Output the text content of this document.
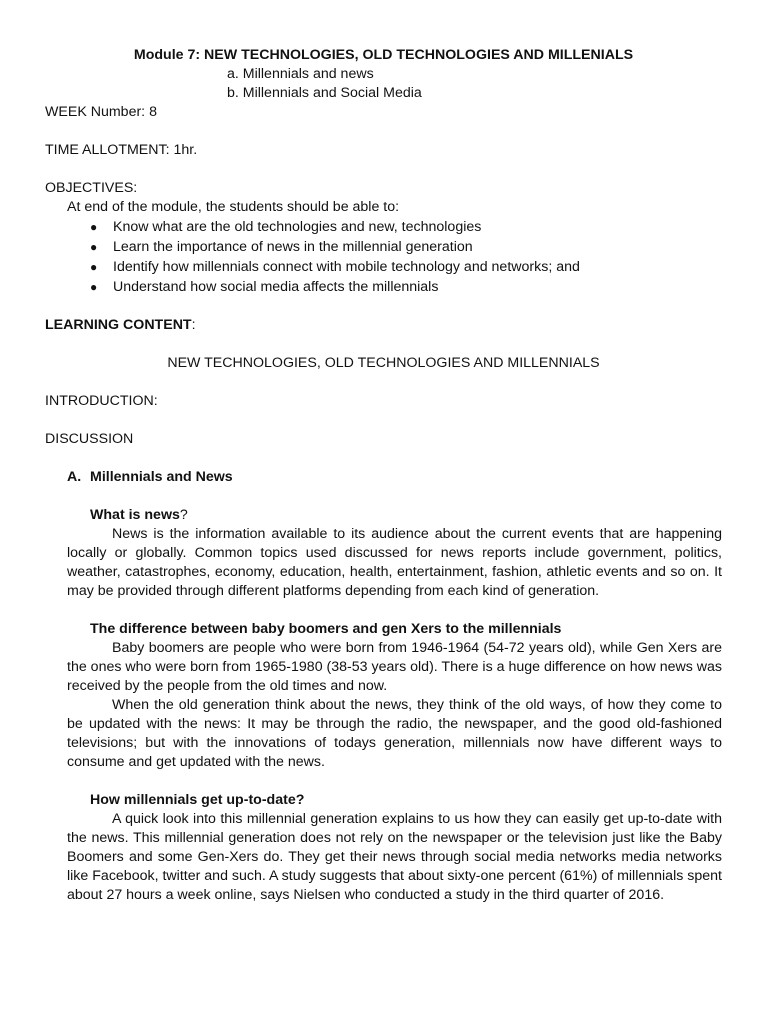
Module 7: NEW TECHNOLOGIES, OLD TECHNOLOGIES AND MILLENIALS
a. Millennials and news
b. Millennials and Social Media
WEEK Number: 8
TIME ALLOTMENT: 1hr.
OBJECTIVES:
At end of the module, the students should be able to:
● Know what are the old technologies and new, technologies
● Learn the importance of news in the millennial generation
● Identify how millennials connect with mobile technology and networks; and
● Understand how social media affects the millennials
LEARNING CONTENT:
NEW TECHNOLOGIES, OLD TECHNOLOGIES AND MILLENNIALS
INTRODUCTION:
DISCUSSION
A. Millennials and News
What is news?

News is the information available to its audience about the current events that are happening locally or globally. Common topics used discussed for news reports include government, politics, weather, catastrophes, economy, education, health, entertainment, fashion, athletic events and so on. It may be provided through different platforms depending from each kind of generation.

The difference between baby boomers and gen Xers to the millennials

Baby boomers are people who were born from 1946-1964 (54-72 years old), while Gen Xers are the ones who were born from 1965-1980 (38-53 years old). There is a huge difference on how news was received by the people from the old times and now.

When the old generation think about the news, they think of the old ways, of how they come to be updated with the news: It may be through the radio, the newspaper, and the good old-fashioned televisions; but with the innovations of todays generation, millennials now have different ways to consume and get updated with the news.

How millennials get up-to-date?

A quick look into this millennial generation explains to us how they can easily get up-to-date with the news. This millennial generation does not rely on the newspaper or the television just like the Baby Boomers and some Gen-Xers do. They get their news through social media networks media networks like Facebook, twitter and such. A study suggests that about sixty-one percent (61%) of millennials spent about 27 hours a week online, says Nielsen who conducted a study in the third quarter of 2016.
